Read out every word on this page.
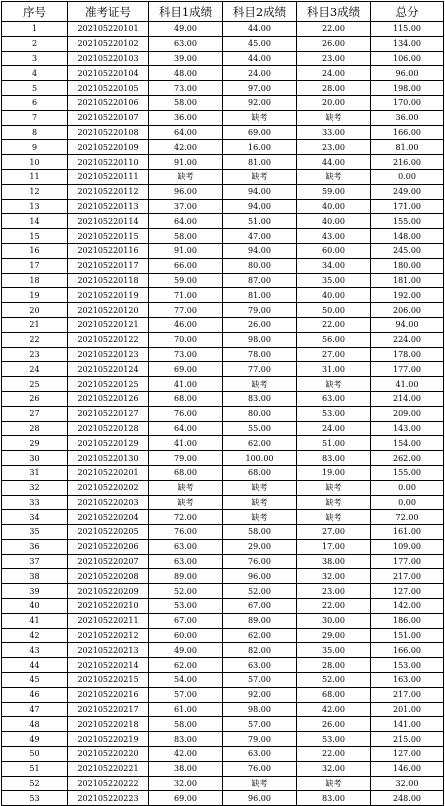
序号	准考证号	科目1成绩	科目2成绩	科目3成绩	总分
1	202105220101	49.00	44.00	22.00	115.00
2	202105220102	63.00	45.00	26.00	134.00
3	202105220103	39.00	44.00	23.00	106.00
4	202105220104	48.00	24.00	24.00	96.00
5	202105220105	73.00	97.00	28.00	198.00
6	202105220106	58.00	92.00	20.00	170.00
7	202105220107	36.00	缺考	缺考	36.00
8	202105220108	64.00	69.00	33.00	166.00
9	202105220109	42.00	16.00	23.00	81.00
10	202105220110	91.00	81.00	44.00	216.00
11	202105220111	缺考	缺考	缺考	0.00
12	202105220112	96.00	94.00	59.00	249.00
13	202105220113	37.00	94.00	40.00	171.00
14	202105220114	64.00	51.00	40.00	155.00
15	202105220115	58.00	47.00	43.00	148.00
16	202105220116	91.00	94.00	60.00	245.00
17	202105220117	66.00	80.00	34.00	180.00
18	202105220118	59.00	87.00	35.00	181.00
19	202105220119	71.00	81.00	40.00	192.00
20	202105220120	77.00	79.00	50.00	206.00
21	202105220121	46.00	26.00	22.00	94.00
22	202105220122	70.00	98.00	56.00	224.00
23	202105220123	73.00	78.00	27.00	178.00
24	202105220124	69.00	77.00	31.00	177.00
25	202105220125	41.00	缺考	缺考	41.00
26	202105220126	68.00	83.00	63.00	214.00
27	202105220127	76.00	80.00	53.00	209.00
28	202105220128	64.00	55.00	24.00	143.00
29	202105220129	41.00	62.00	51.00	154.00
30	202105220130	79.00	100.00	83.00	262.00
31	202105220201	68.00	68.00	19.00	155.00
32	202105220202	缺考	缺考	缺考	0.00
33	202105220203	缺考	缺考	缺考	0.00
34	202105220204	72.00	缺考	缺考	72.00
35	202105220205	76.00	58.00	27.00	161.00
36	202105220206	63.00	29.00	17.00	109.00
37	202105220207	63.00	76.00	38.00	177.00
38	202105220208	89.00	96.00	32.00	217.00
39	202105220209	52.00	52.00	23.00	127.00
40	202105220210	53.00	67.00	22.00	142.00
41	202105220211	67.00	89.00	30.00	186.00
42	202105220212	60.00	62.00	29.00	151.00
43	202105220213	49.00	82.00	35.00	166.00
44	202105220214	62.00	63.00	28.00	153.00
45	202105220215	54.00	57.00	52.00	163.00
46	202105220216	57.00	92.00	68.00	217.00
47	202105220217	61.00	98.00	42.00	201.00
48	202105220218	58.00	57.00	26.00	141.00
49	202105220219	83.00	79.00	53.00	215.00
50	202105220220	42.00	63.00	22.00	127.00
51	202105220221	38.00	76.00	32.00	146.00
52	202105220222	32.00	缺考	缺考	32.00
53	202105220223	69.00	96.00	83.00	248.00
